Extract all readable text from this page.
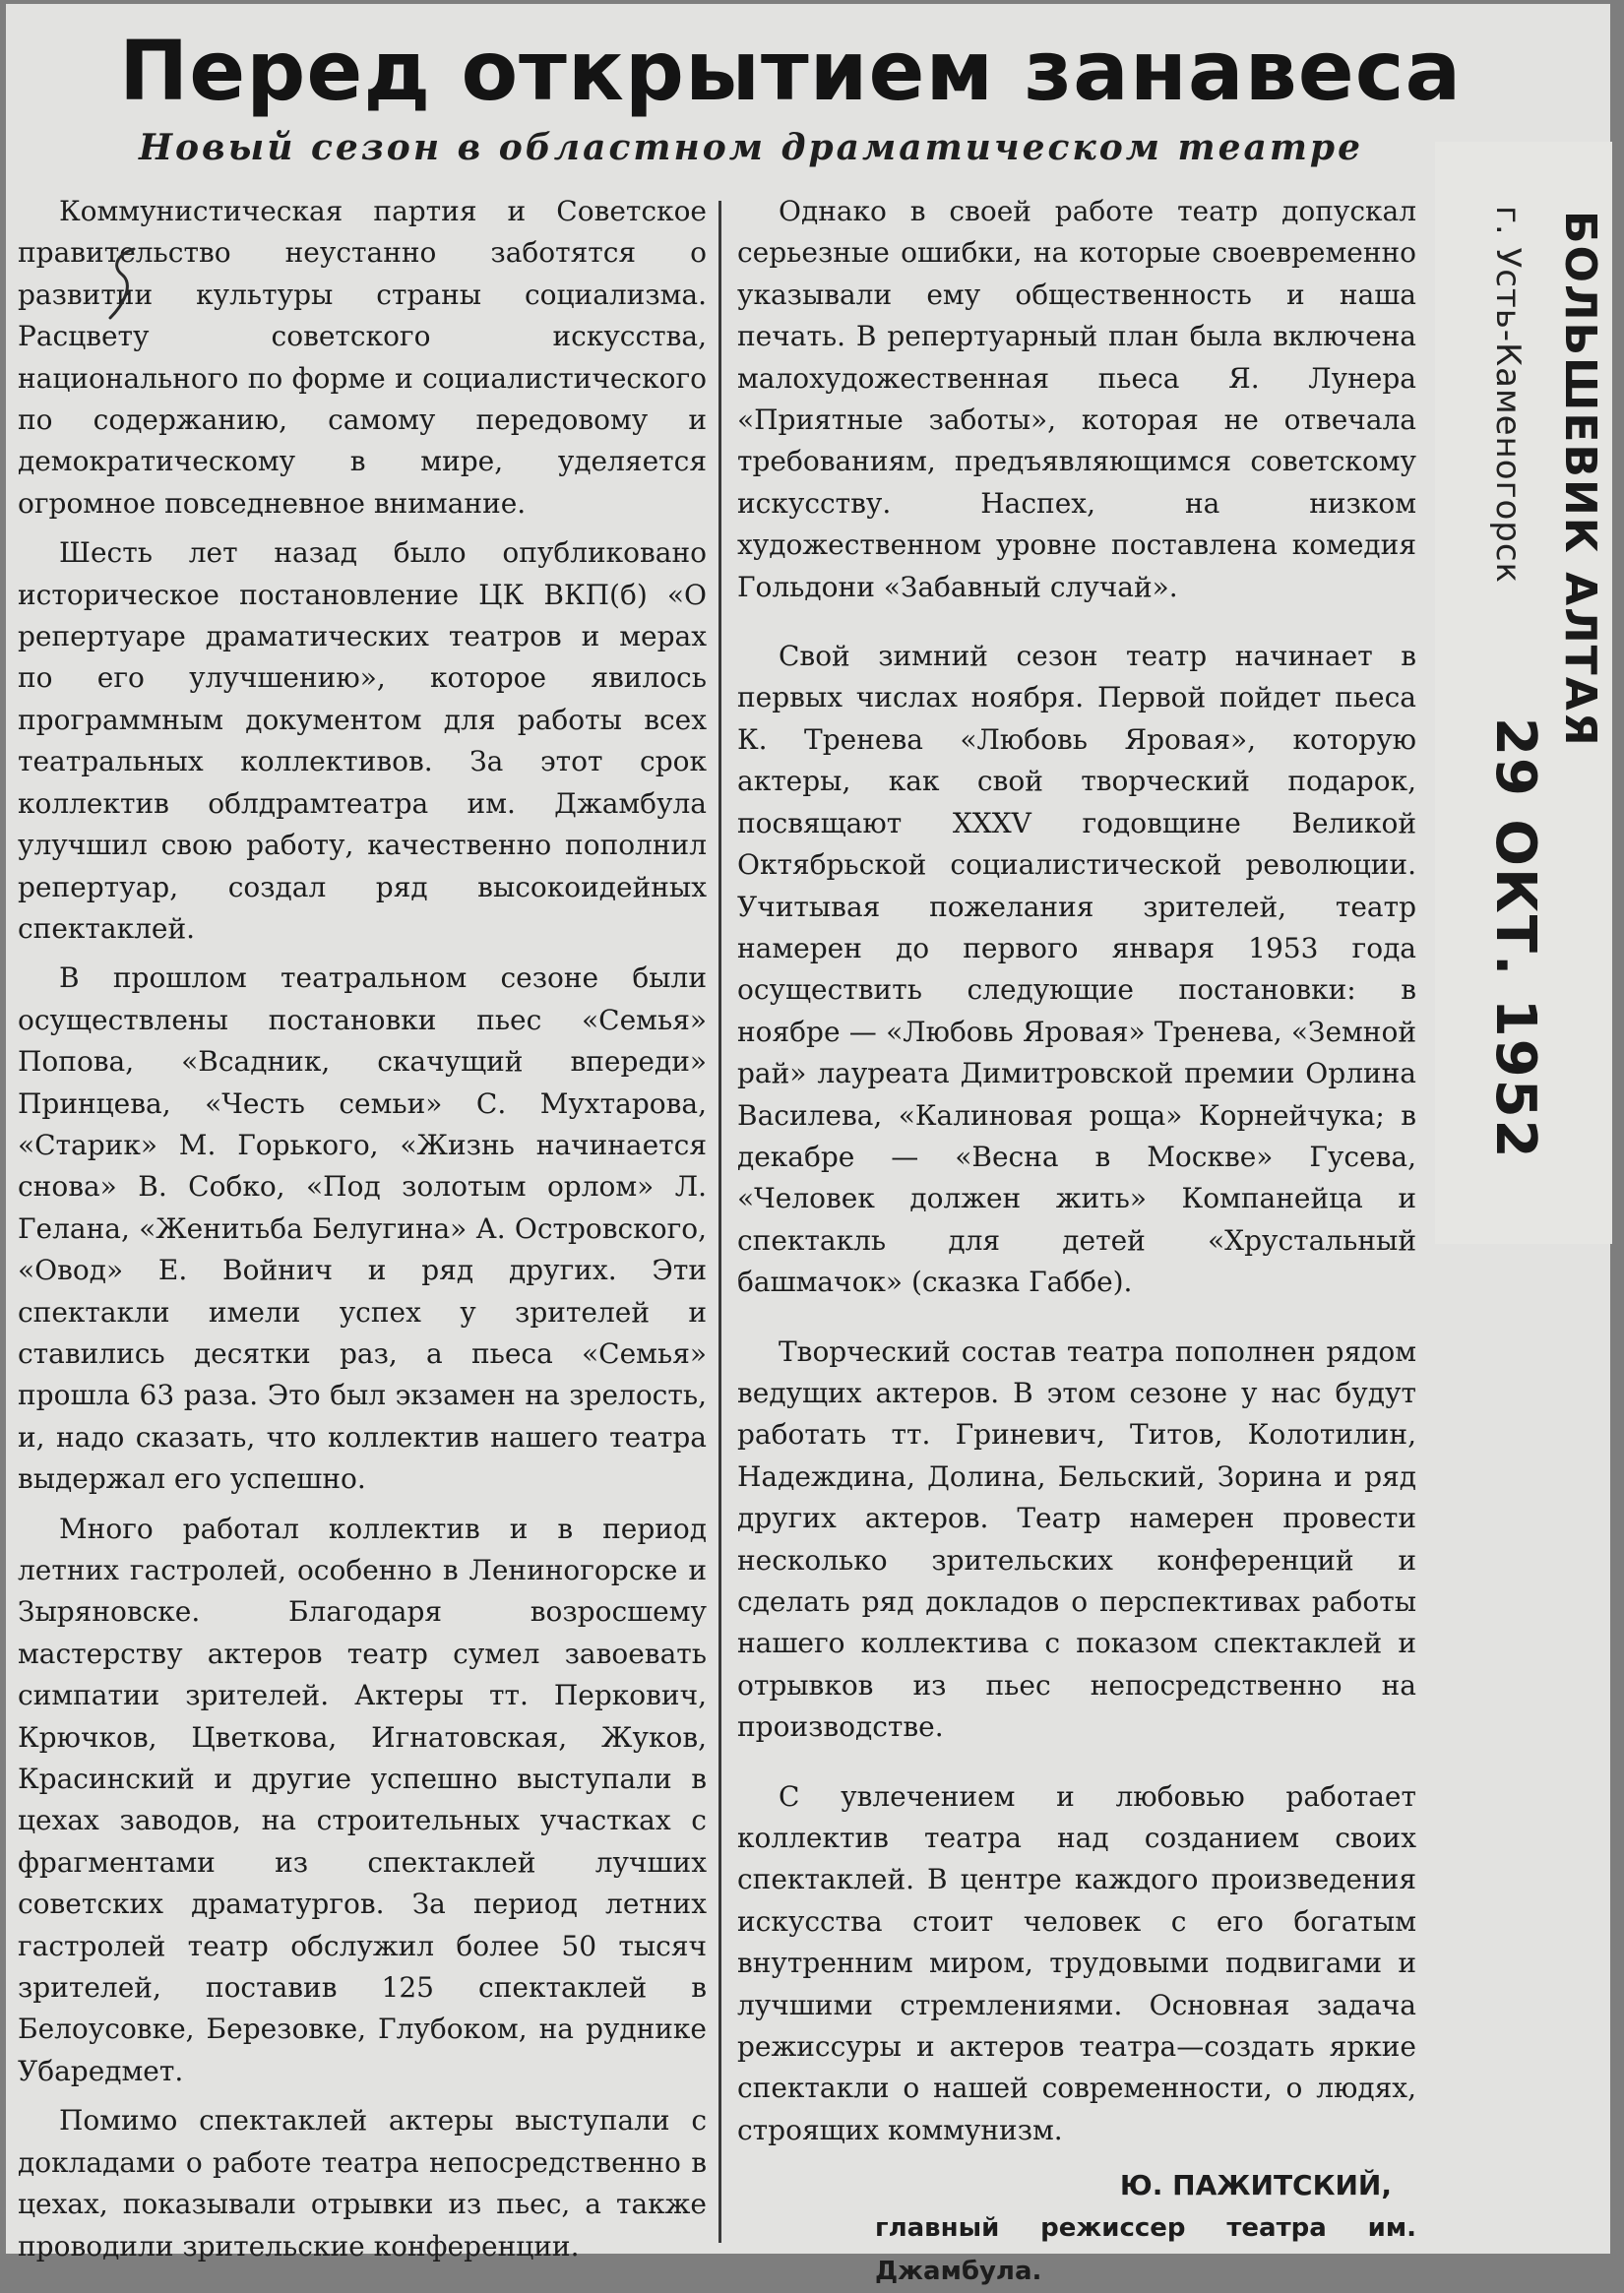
Перед открытием занавеса
Новый сезон в областном драматическом театре

Коммунистическая партия и Советское правительство неустанно заботятся о развитии культуры страны социализма. Расцвету советского искусства, национального по форме и социалистического по содержанию, самому передовому и демократическому в мире, уделяется огромное повседневное внимание.

Шесть лет назад было опубликовано историческое постановление ЦК ВКП(б) «О репертуаре драматических театров и мерах по его улучшению», которое явилось программным документом для работы всех театральных коллективов. За этот срок коллектив облдрамтеатра им. Джамбула улучшил свою работу, качественно пополнил репертуар, создал ряд высокоидейных спектаклей.

В прошлом театральном сезоне были осуществлены постановки пьес «Семья» Попова, «Всадник, скачущий впереди» Принцева, «Честь семьи» С. Мухтарова, «Старик» М. Горького, «Жизнь начинается снова» В. Собко, «Под золотым орлом» Л. Гелана, «Женитьба Белугина» А. Островского, «Овод» Е. Войнич и ряд других. Эти спектакли имели успех у зрителей и ставились десятки раз, а пьеса «Семья» прошла 63 раза. Это был экзамен на зрелость, и, надо сказать, что коллектив нашего театра выдержал его успешно.

Много работал коллектив и в период летних гастролей, особенно в Лениногорске и Зыряновске. Благодаря возросшему мастерству актеров театр сумел завоевать симпатии зрителей. Актеры тт. Перкович, Крючков, Цветкова, Игнатовская, Жуков, Красинский и другие успешно выступали в цехах заводов, на строительных участках с фрагментами из спектаклей лучших советских драматургов. За период летних гастролей театр обслужил более 50 тысяч зрителей, поставив 125 спектаклей в Белоусовке, Березовке, Глубоком, на руднике Убаредмет.

Помимо спектаклей актеры выступали с докладами о работе театра непосредственно в цехах, показывали отрывки из пьес, а также проводили зрительские конференции.

Однако в своей работе театр допускал серьезные ошибки, на которые своевременно указывали ему общественность и наша печать. В репертуарный план была включена малохудожественная пьеса Я. Лунера «Приятные заботы», которая не отвечала требованиям, предъявляющимся советскому искусству. Наспех, на низком художественном уровне поставлена комедия Гольдони «Забавный случай».

Свой зимний сезон театр начинает в первых числах ноября. Первой пойдет пьеса К. Тренева «Любовь Яровая», которую актеры, как свой творческий подарок, посвящают XXXV годовщине Великой Октябрьской социалистической революции. Учитывая пожелания зрителей, театр намерен до первого января 1953 года осуществить следующие постановки: в ноябре — «Любовь Яровая» Тренева, «Земной рай» лауреата Димитровской премии Орлина Василева, «Калиновая роща» Корнейчука; в декабре — «Весна в Москве» Гусева, «Человек должен жить» Компанейца и спектакль для детей «Хрустальный башмачок» (сказка Габбе).

Творческий состав театра пополнен рядом ведущих актеров. В этом сезоне у нас будут работать тт. Гриневич, Титов, Колотилин, Надеждина, Долина, Бельский, Зорина и ряд других актеров. Театр намерен провести несколько зрительских конференций и сделать ряд докладов о перспективах работы нашего коллектива с показом спектаклей и отрывков из пьес непосредственно на производстве.

С увлечением и любовью работает коллектив театра над созданием своих спектаклей. В центре каждого произведения искусства стоит человек с его богатым внутренним миром, трудовыми подвигами и лучшими стремлениями. Основная задача режиссуры и актеров театра—создать яркие спектакли о нашей современности, о людях, строящих коммунизм.

Ю. ПАЖИТСКИЙ,
главный режиссер театра им. Джамбула.
БОЛЬШЕВИК АЛТАЯ
г. Усть-Каменогорск
29 ОКТ. 1952
